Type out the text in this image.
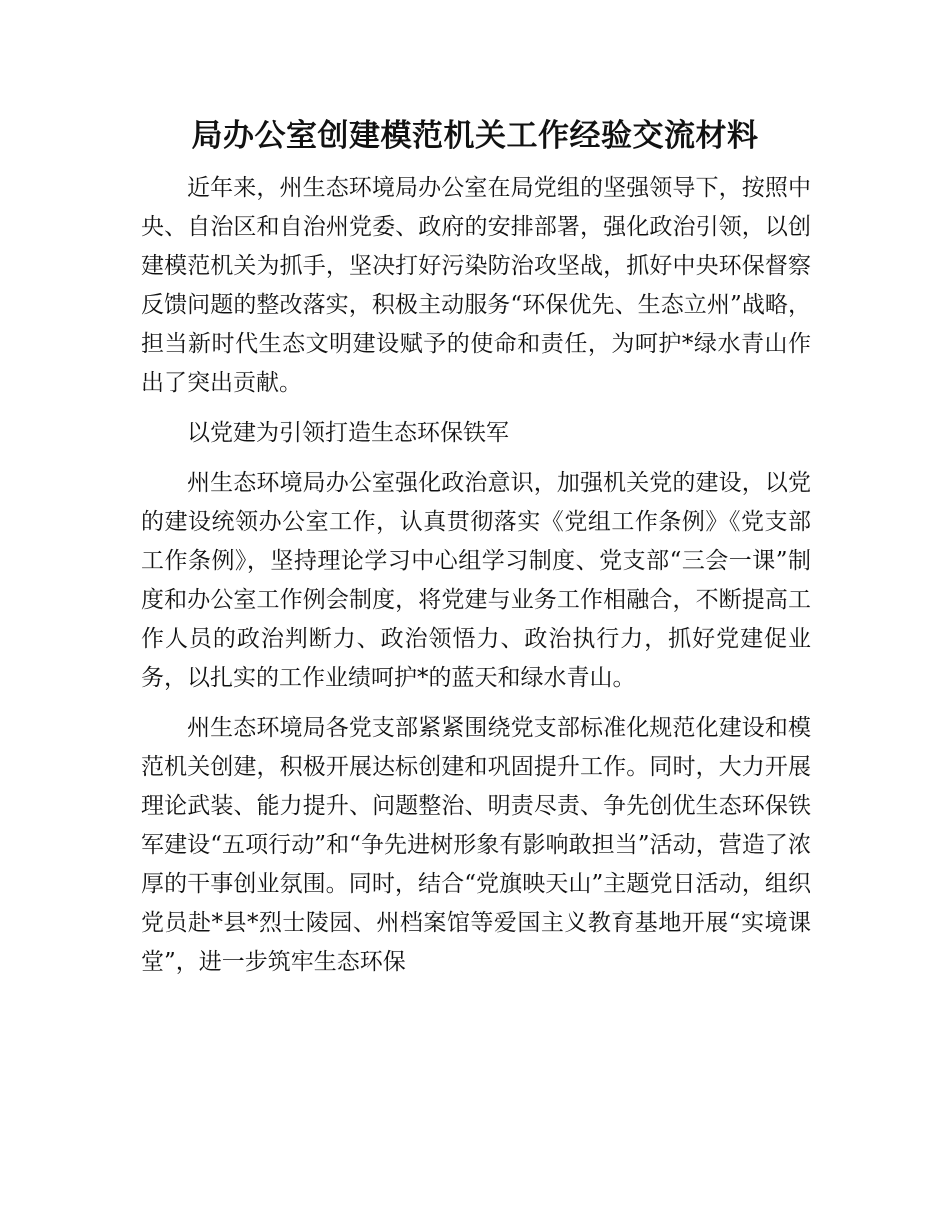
局办公室创建模范机关工作经验交流材料

近年来，州生态环境局办公室在局党组的坚强领导下，按照中央、自治区和自治州党委、政府的安排部署，强化政治引领，以创建模范机关为抓手，坚决打好污染防治攻坚战，抓好中央环保督察反馈问题的整改落实，积极主动服务“环保优先、生态立州”战略，担当新时代生态文明建设赋予的使命和责任，为呵护*绿水青山作出了突出贡献。

以党建为引领打造生态环保铁军

州生态环境局办公室强化政治意识，加强机关党的建设，以党的建设统领办公室工作，认真贯彻落实《党组工作条例》《党支部工作条例》，坚持理论学习中心组学习制度、党支部“三会一课”制度和办公室工作例会制度，将党建与业务工作相融合，不断提高工作人员的政治判断力、政治领悟力、政治执行力，抓好党建促业务，以扎实的工作业绩呵护*的蓝天和绿水青山。

州生态环境局各党支部紧紧围绕党支部标准化规范化建设和模范机关创建，积极开展达标创建和巩固提升工作。同时，大力开展理论武装、能力提升、问题整治、明责尽责、争先创优生态环保铁军建设“五项行动”和“争先进树形象有影响敢担当”活动，营造了浓厚的干事创业氛围。同时，结合“党旗映天山”主题党日活动，组织党员赴*县*烈士陵园、州档案馆等爱国主义教育基地开展“实境课堂”，进一步筑牢生态环保
